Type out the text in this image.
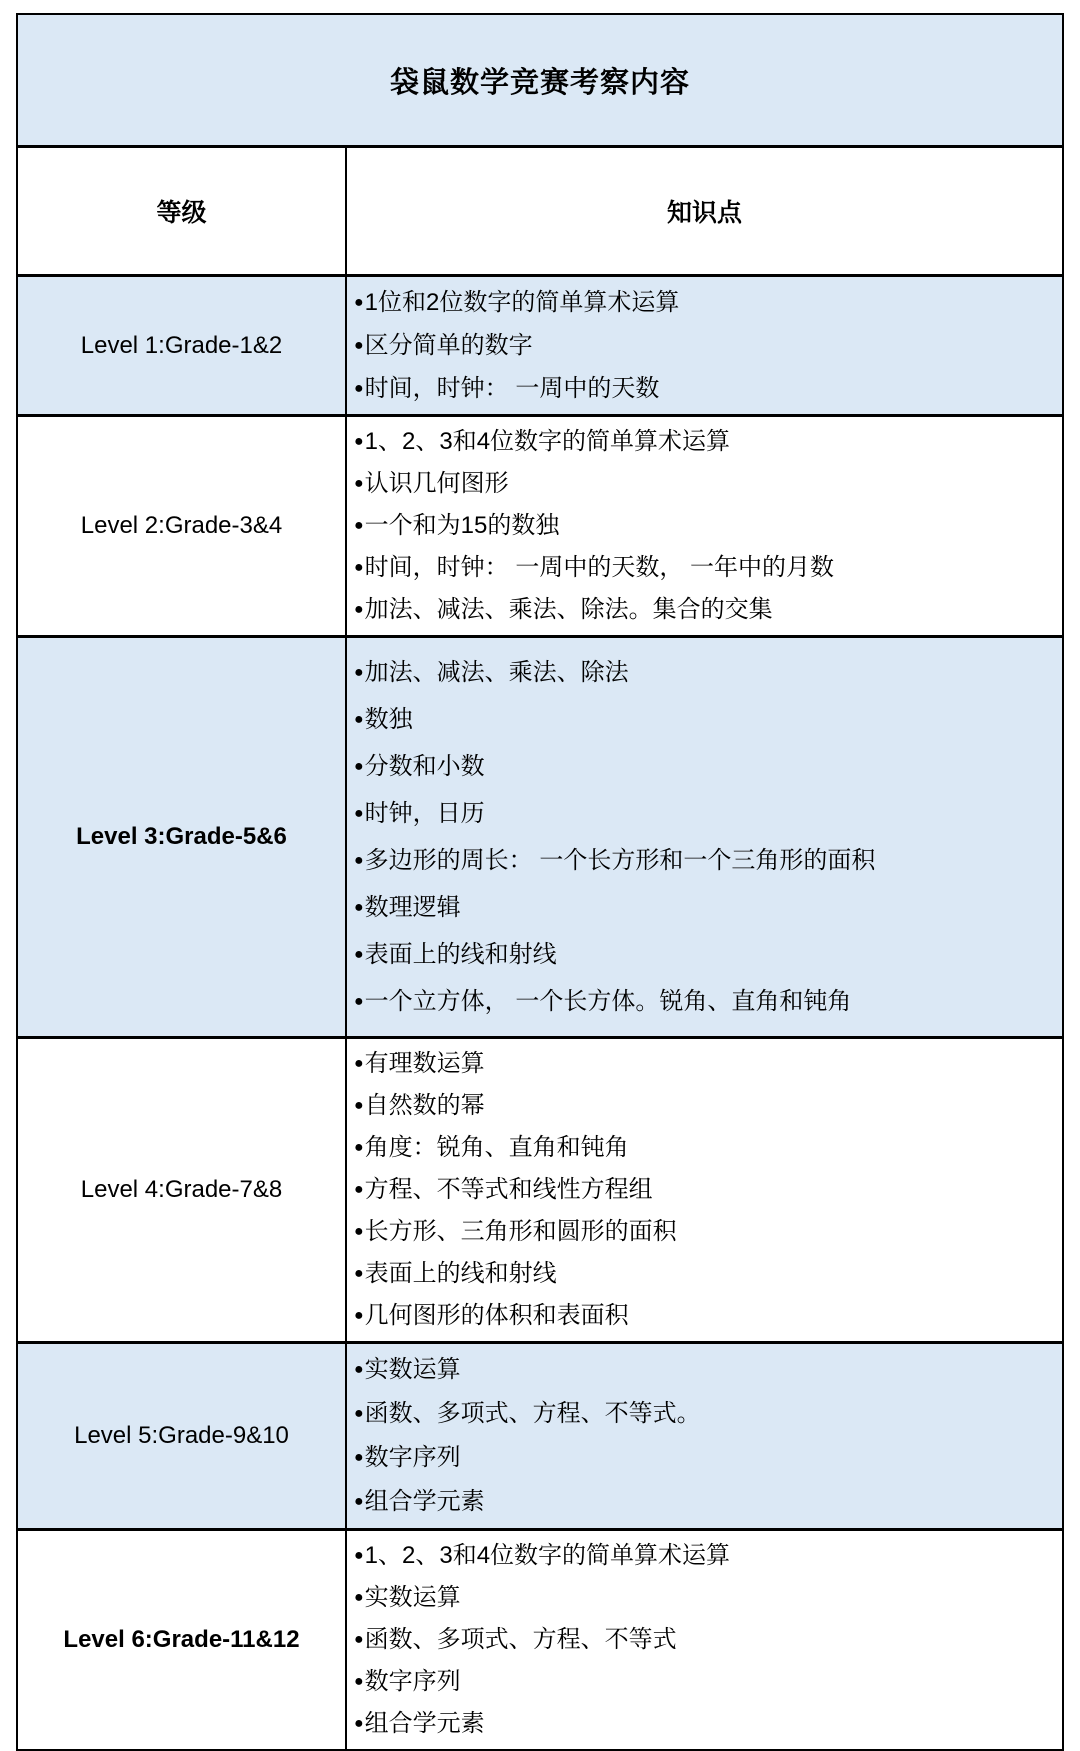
袋鼠数学竞赛考察内容
等级	知识点
Level 1:Grade-1&2
● 1位和2位数字的简单算术运算
● 区分简单的数字
● 时间，时钟： 一周中的天数
Level 2:Grade-3&4
● 1、2、3和4位数字的简单算术运算
● 认识几何图形
● 一个和为15的数独
● 时间，时钟： 一周中的天数， 一年中的月数
● 加法、减法、乘法、除法。集合的交集
Level 3:Grade-5&6
● 加法、减法、乘法、除法
● 数独
● 分数和小数
● 时钟，日历
● 多边形的周长： 一个长方形和一个三角形的面积
● 数理逻辑
● 表面上的线和射线
● 一个立方体， 一个长方体。锐角、直角和钝角
Level 4:Grade-7&8
● 有理数运算
● 自然数的幂
● 角度：锐角、直角和钝角
● 方程、不等式和线性方程组
● 长方形、三角形和圆形的面积
● 表面上的线和射线
● 几何图形的体积和表面积
Level 5:Grade-9&10
● 实数运算
● 函数、多项式、方程、不等式。
● 数字序列
● 组合学元素
Level 6:Grade-11&12
● 1、2、3和4位数字的简单算术运算
● 实数运算
● 函数、多项式、方程、不等式
● 数字序列
● 组合学元素
